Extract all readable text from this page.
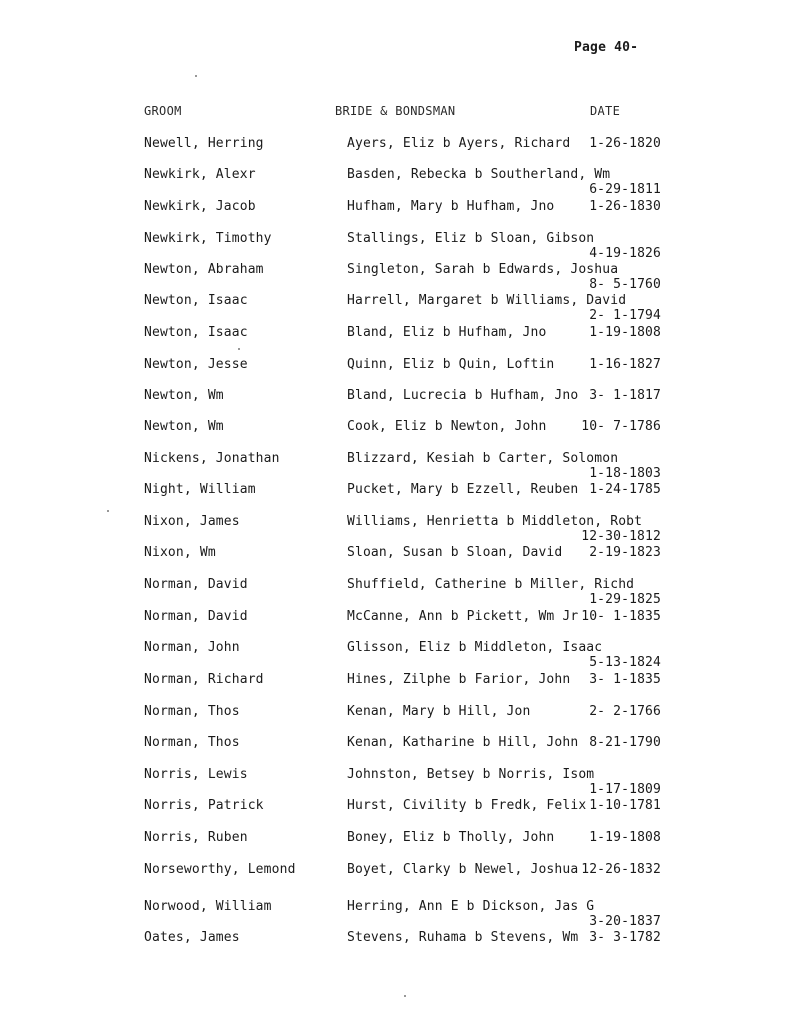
Page 40-
GROOM	BRIDE & BONDSMAN	DATE
Newell, Herring	Ayers, Eliz b Ayers, Richard	1-26-1820
Newkirk, Alexr	Basden, Rebecka b Southerland, Wm
6-29-1811
Newkirk, Jacob	Hufham, Mary b Hufham, Jno	1-26-1830
Newkirk, Timothy	Stallings, Eliz b Sloan, Gibson
4-19-1826
Newton, Abraham	Singleton, Sarah b Edwards, Joshua
8- 5-1760
Newton, Isaac	Harrell, Margaret b Williams, David
2- 1-1794
Newton, Isaac	Bland, Eliz b Hufham, Jno	1-19-1808
Newton, Jesse	Quinn, Eliz b Quin, Loftin	1-16-1827
Newton, Wm	Bland, Lucrecia b Hufham, Jno 3- 1-1817
Newton, Wm	Cook, Eliz b Newton, John	10- 7-1786
Nickens, Jonathan	Blizzard, Kesiah b Carter, Solomon
1-18-1803
Night, William	Pucket, Mary b Ezzell, Reuben 1-24-1785
Nixon, James	Williams, Henrietta b Middleton, Robt
12-30-1812
Nixon, Wm	Sloan, Susan b Sloan, David	2-19-1823
Norman, David	Shuffield, Catherine b Miller, Richd
1-29-1825
Norman, David	McCanne, Ann b Pickett, Wm Jr 10- 1-1835
Norman, John	Glisson, Eliz b Middleton, Isaac
5-13-1824
Norman, Richard	Hines, Zilphe b Farior, John	3- 1-1835
Norman, Thos	Kenan, Mary b Hill, Jon	2- 2-1766
Norman, Thos	Kenan, Katharine b Hill, John 8-21-1790
Norris, Lewis	Johnston, Betsey b Norris, Isom
1-17-1809
Norris, Patrick	Hurst, Civility b Fredk, Felix 1-10-1781
Norris, Ruben	Boney, Eliz b Tholly, John	1-19-1808
Norseworthy, Lemond	Boyet, Clarky b Newel, Joshua 12-26-1832
Norwood, William	Herring, Ann E b Dickson, Jas G
3-20-1837
Oates, James	Stevens, Ruhama b Stevens, Wm 3- 3-1782
